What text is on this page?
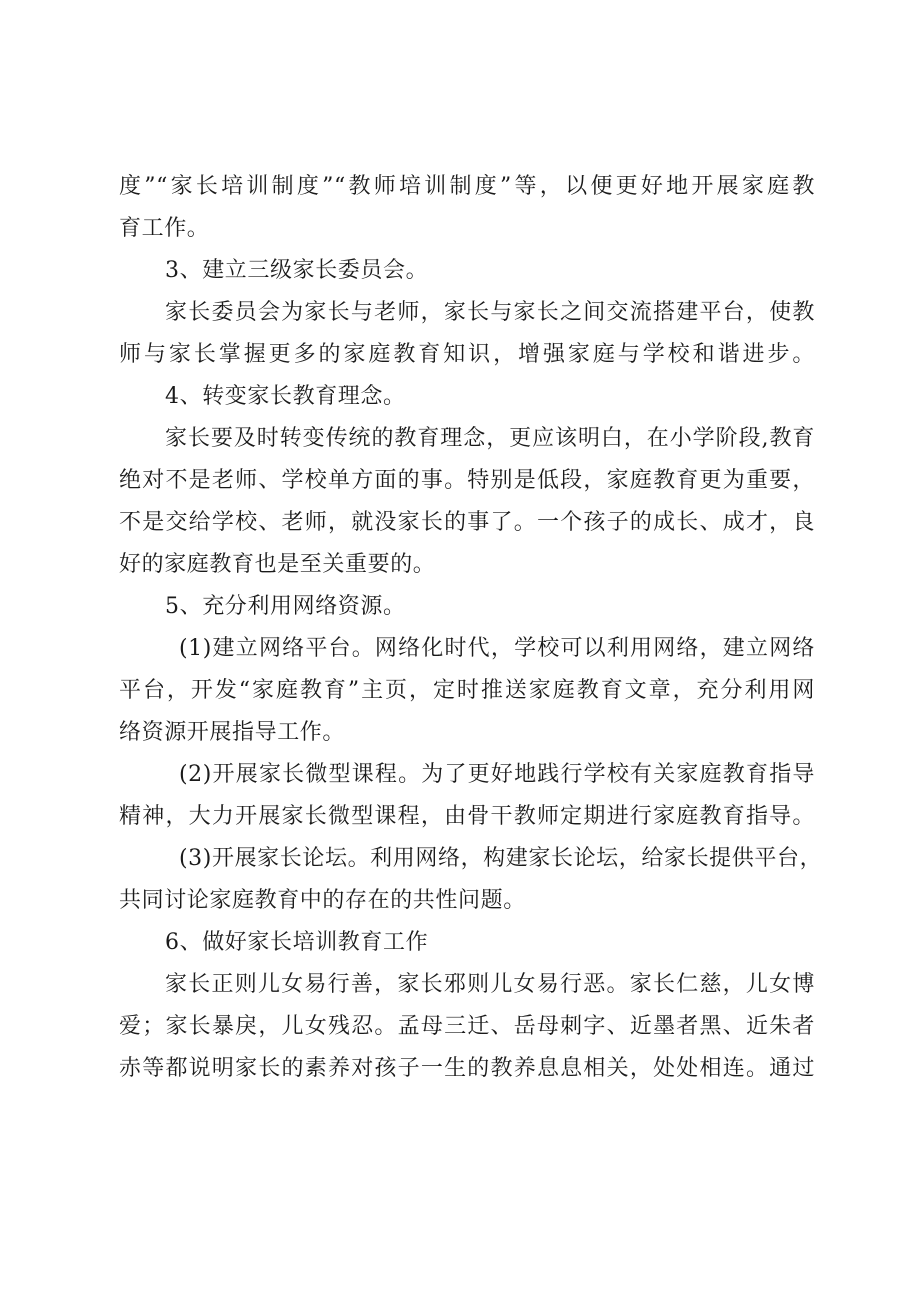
度”“家长培训制度”“教师培训制度”等，以便更好地开展家庭教
育工作。
3、建立三级家长委员会。
家长委员会为家长与老师，家长与家长之间交流搭建平台，使教
师与家长掌握更多的家庭教育知识，增强家庭与学校和谐进步。
4、转变家长教育理念。
家长要及时转变传统的教育理念，更应该明白，在小学阶段,教育
绝对不是老师、学校单方面的事。特别是低段，家庭教育更为重要，
不是交给学校、老师，就没家长的事了。一个孩子的成长、成才，良
好的家庭教育也是至关重要的。
5、充分利用网络资源。
(1)建立网络平台。网络化时代，学校可以利用网络，建立网络
平台，开发“家庭教育”主页，定时推送家庭教育文章，充分利用网
络资源开展指导工作。
(2)开展家长微型课程。为了更好地践行学校有关家庭教育指导
精神，大力开展家长微型课程，由骨干教师定期进行家庭教育指导。
(3)开展家长论坛。利用网络，构建家长论坛，给家长提供平台，
共同讨论家庭教育中的存在的共性问题。
6、做好家长培训教育工作
家长正则儿女易行善，家长邪则儿女易行恶。家长仁慈，儿女博
爱；家长暴戾，儿女残忍。孟母三迁、岳母刺字、近墨者黑、近朱者
赤等都说明家长的素养对孩子一生的教养息息相关，处处相连。通过
